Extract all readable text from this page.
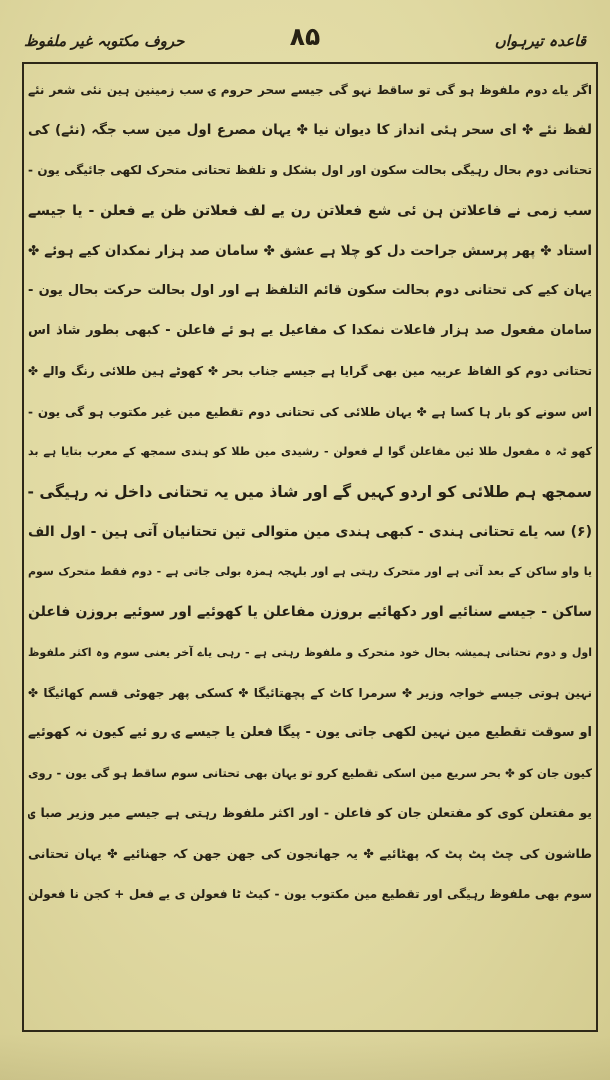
قاعدہ تیرہواں
۸۵
حروف مکتوبہ غیر ملفوظ
اگر یاے دوم ملفوظ ہو گی تو ساقط نہو گی جیسے سحر حروم ۍ سب زمینین ہین نئی شعر نئے
لفظ نئے ✤ ای سحر ہئی انداز کا دیوان نیا ✤ یہان مصرع اول مین سب جگہ (نئے) کی
تحتانی دوم بحال رہیگی بحالت سکون اور اول بشکل و تلفظ تحتانی متحرک لکھی جائیگی یون -
سب زمی نے فاعلاتن ہن ئی شع فعلاتن رن یے لف فعلاتن ظن یے فعلن - یا جیسے
استاد ✤ پھر پرسش جراحت دل کو چلا ہے عشق ✤ سامان صد ہزار نمکدان کیے ہوئے ✤
یہان کیے کی تحتانی دوم بحالت سکون قائم التلفظ ہے اور اول بحالت حرکت بحال یون -
سامان مفعول صد ہزار فاعلات نمکدا ک مفاعیل یے ہو ئے فاعلن - کبھی بطور شاذ اس
تحتانی دوم کو الفاظ عربیہ مین بھی گرایا ہے جیسے جناب بحر ✤ کھوٹے ہین طلائی رنگ والے ✤
اس سونے کو بار ہا کسا ہے ✤ یہان طلائی کی تحتانی دوم تقطیع مین غیر مکتوب ہو گی یون -
کھو ٹہ ہ مفعول طلا ئین مفاعلن گوا لے فعولن - رشیدی مین طلا کو ہندی سمجھ کے معرب بتایا ہے بد
سمجھ ہم طلائی کو اردو کہیں گے اور شاذ میں یہ تحتانی داخل نہ رہیگی -
(۶) سہ یاے تحتانی ہندی - کبھی ہندی مین متوالی تین تحتانیان آتی ہین - اول الف
یا واو ساکن کے بعد آتی ہے اور متحرک رہتی ہے اور بلہجہ ہمزہ بولی جاتی ہے - دوم فقط متحرک سوم
ساکن - جیسے سنائیے اور دکھائیے بروزن مفاعلن یا کھوئیے اور سوئیے بروزن فاعلن
اول و دوم تحتانی ہمیشہ بحال خود متحرک و ملفوظ رہتی ہے - رہی یاے آخر یعنی سوم وہ اکثر ملفوظ
نہین ہوتی جیسے خواجہ وزیر ✤ سرمرا کاٹ کے پچھتائیگا ✤ کسکی پھر جھوٹی قسم کھائیگا ✤
او سوقت تقطیع مین نہین لکھی جاتی یون - پیگا فعلن یا جیسے ۍ رو ئیے کیون نہ کھوئیے
کیون جان کو ✤ بحر سریع مین اسکی تقطیع کرو تو یہان بھی تحتانی سوم ساقط ہو گی یون - روی
یو مفتعلن کوی کو مفتعلن جان کو فاعلن - اور اکثر ملفوظ رہتی ہے جیسے میر وزیر صبا ۍ
طاشون کی چٹ پٹ پٹ کہ پھٹائیے ✤ یہ جھانجون کی جھن جھن کہ جھنائیے ✤ یہان تحتانی
سوم بھی ملفوظ رہیگی اور تقطیع مین مکتوب یون - کیٹ ٹا فعولن ی یے فعل + کجن نا فعولن
